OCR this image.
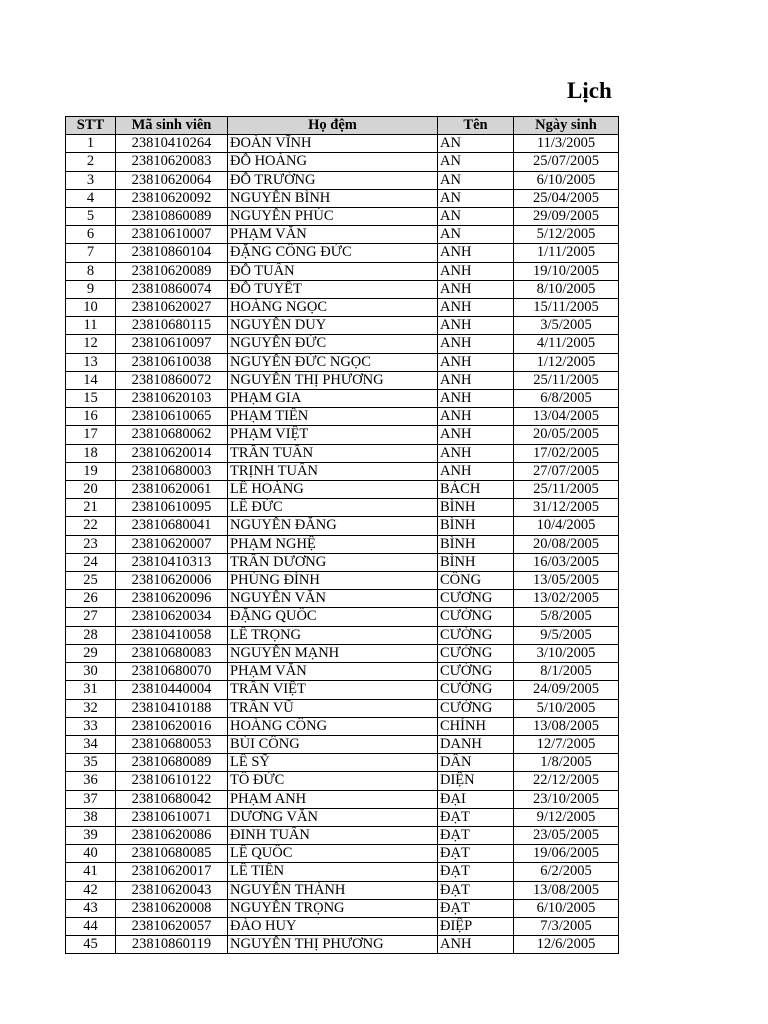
Lịch
STT	Mã sinh viên	Họ đệm	Tên	Ngày sinh
1	23810410264	ĐOÀN VĨNH	AN	11/3/2005
2	23810620083	ĐỖ HOÀNG	AN	25/07/2005
3	23810620064	ĐỖ TRƯỜNG	AN	6/10/2005
4	23810620092	NGUYỄN BÌNH	AN	25/04/2005
5	23810860089	NGUYỄN PHÚC	AN	29/09/2005
6	23810610007	PHẠM VĂN	AN	5/12/2005
7	23810860104	ĐẶNG CÔNG ĐỨC	ANH	1/11/2005
8	23810620089	ĐỖ TUẤN	ANH	19/10/2005
9	23810860074	ĐỖ TUYẾT	ANH	8/10/2005
10	23810620027	HOÀNG NGỌC	ANH	15/11/2005
11	23810680115	NGUYỄN DUY	ANH	3/5/2005
12	23810610097	NGUYỄN ĐỨC	ANH	4/11/2005
13	23810610038	NGUYỄN ĐỨC NGỌC	ANH	1/12/2005
14	23810860072	NGUYỄN THỊ PHƯƠNG	ANH	25/11/2005
15	23810620103	PHẠM GIA	ANH	6/8/2005
16	23810610065	PHẠM TIẾN	ANH	13/04/2005
17	23810680062	PHẠM VIỆT	ANH	20/05/2005
18	23810620014	TRẦN TUẤN	ANH	17/02/2005
19	23810680003	TRỊNH TUẤN	ANH	27/07/2005
20	23810620061	LÊ HOÀNG	BÁCH	25/11/2005
21	23810610095	LÊ ĐỨC	BÌNH	31/12/2005
22	23810680041	NGUYỄN ĐĂNG	BÌNH	10/4/2005
23	23810620007	PHẠM NGHỆ	BÌNH	20/08/2005
24	23810410313	TRẦN DƯƠNG	BÌNH	16/03/2005
25	23810620006	PHÙNG ĐÌNH	CÔNG	13/05/2005
26	23810620096	NGUYỄN VĂN	CƯƠNG	13/02/2005
27	23810620034	ĐẶNG QUỐC	CƯỜNG	5/8/2005
28	23810410058	LÊ TRỌNG	CƯỜNG	9/5/2005
29	23810680083	NGUYỄN MẠNH	CƯỜNG	3/10/2005
30	23810680070	PHẠM VĂN	CƯỜNG	8/1/2005
31	23810440004	TRẦN VIỆT	CƯỜNG	24/09/2005
32	23810410188	TRẦN VŨ	CƯỜNG	5/10/2005
33	23810620016	HOÀNG CÔNG	CHÍNH	13/08/2005
34	23810680053	BÙI CÔNG	DANH	12/7/2005
35	23810680089	LÊ SỸ	DÂN	1/8/2005
36	23810610122	TÔ ĐỨC	DIỆN	22/12/2005
37	23810680042	PHẠM ANH	ĐẠI	23/10/2005
38	23810610071	DƯƠNG VĂN	ĐẠT	9/12/2005
39	23810620086	ĐINH TUẤN	ĐẠT	23/05/2005
40	23810680085	LÊ QUỐC	ĐẠT	19/06/2005
41	23810620017	LÊ TIẾN	ĐẠT	6/2/2005
42	23810620043	NGUYỄN THÀNH	ĐẠT	13/08/2005
43	23810620008	NGUYỄN TRỌNG	ĐẠT	6/10/2005
44	23810620057	ĐÀO HUY	ĐIỆP	7/3/2005
45	23810860119	NGUYỄN THỊ PHƯƠNG	ANH	12/6/2005
